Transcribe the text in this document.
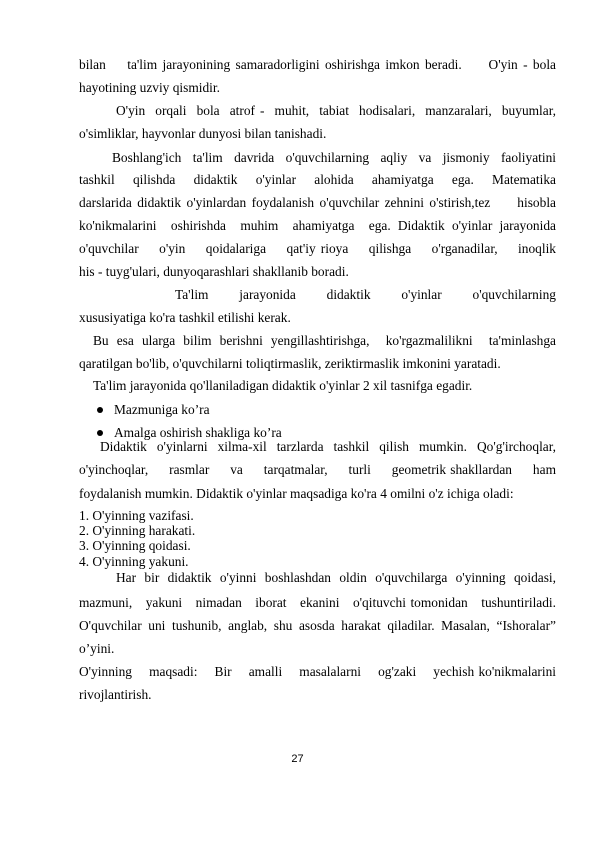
bilan    ta'lim jarayonining samaradorligini oshirishga imkon beradi.     O'yin - bola
hayotining uzviy qismidir.
O'yin  orqali  bola  atrof -  muhit,  tabiat  hodisalari,  manzaralari,  buyumlar,
o'simliklar, hayvonlar dunyosi bilan tanishadi.
Boshlang'ich  ta'lim  davrida  o'quvchilarning  aqliy  va  jismoniy  faoliyatini
tashkil    qilishda    didaktik    o'yinlar    alohida    ahamiyatga    ega.    Matematika
darslarida didaktik o'yinlardan foydalanish o'quvchilar zehnini o'stirish,tez     hisobla
ko'nikmalarini  oshirishda  muhim  ahamiyatga  ega. Didaktik o'yinlar jarayonida
o'quvchilar    o'yin    qoidalariga    qat'iy rioya    qilishga    o'rganadilar,    inoqlik
his - tuyg'ulari, dunyoqarashlari shakllanib boradi.
Ta'lim      jarayonida      didaktik      o'yinlar      o'quvchilarning
xususiyatiga ko'ra tashkil etilishi kerak.
Bu esa ularga bilim berishni yengillashtirishga,  ko'rgazmalilikni  ta'minlashga
qaratilgan bo'lib, o'quvchilarni toliqtirmaslik, zeriktirmaslik imkonini yaratadi.
Ta'lim jarayonida qo'llaniladigan didaktik o'yinlar 2 xil tasnifga egadir.
Mazmuniga ko’ra
Amalga oshirish shakliga ko’ra
Didaktik  o'yinlarni  xilma-xil  tarzlarda  tashkil  qilish  mumkin.  Qo'g'irchoqlar,
o'yinchoqlar,     rasmlar     va     tarqatmalar,     turli     geometrik shakllardan     ham
foydalanish mumkin. Didaktik o'yinlar maqsadiga ko'ra 4 omilni o'z ichiga oladi:
1. O'yinning vazifasi.
2. O'yinning harakati.
3. O'yinning qoidasi.
4. O'yinning yakuni.
Har bir didaktik o'yinni boshlashdan oldin o'quvchilarga o'yinning qoidasi,
mazmuni,   yakuni   nimadan   iborat   ekanini   o'qituvchi tomonidan   tushuntiriladi.
O'quvchilar uni tushunib, anglab, shu asosda harakat qiladilar. Masalan, “Ishoralar”
o’yini.
O'yinning    maqsadi:    Bir    amalli    masalalarni    og'zaki    yechish ko'nikmalarini
rivojlantirish.
27
